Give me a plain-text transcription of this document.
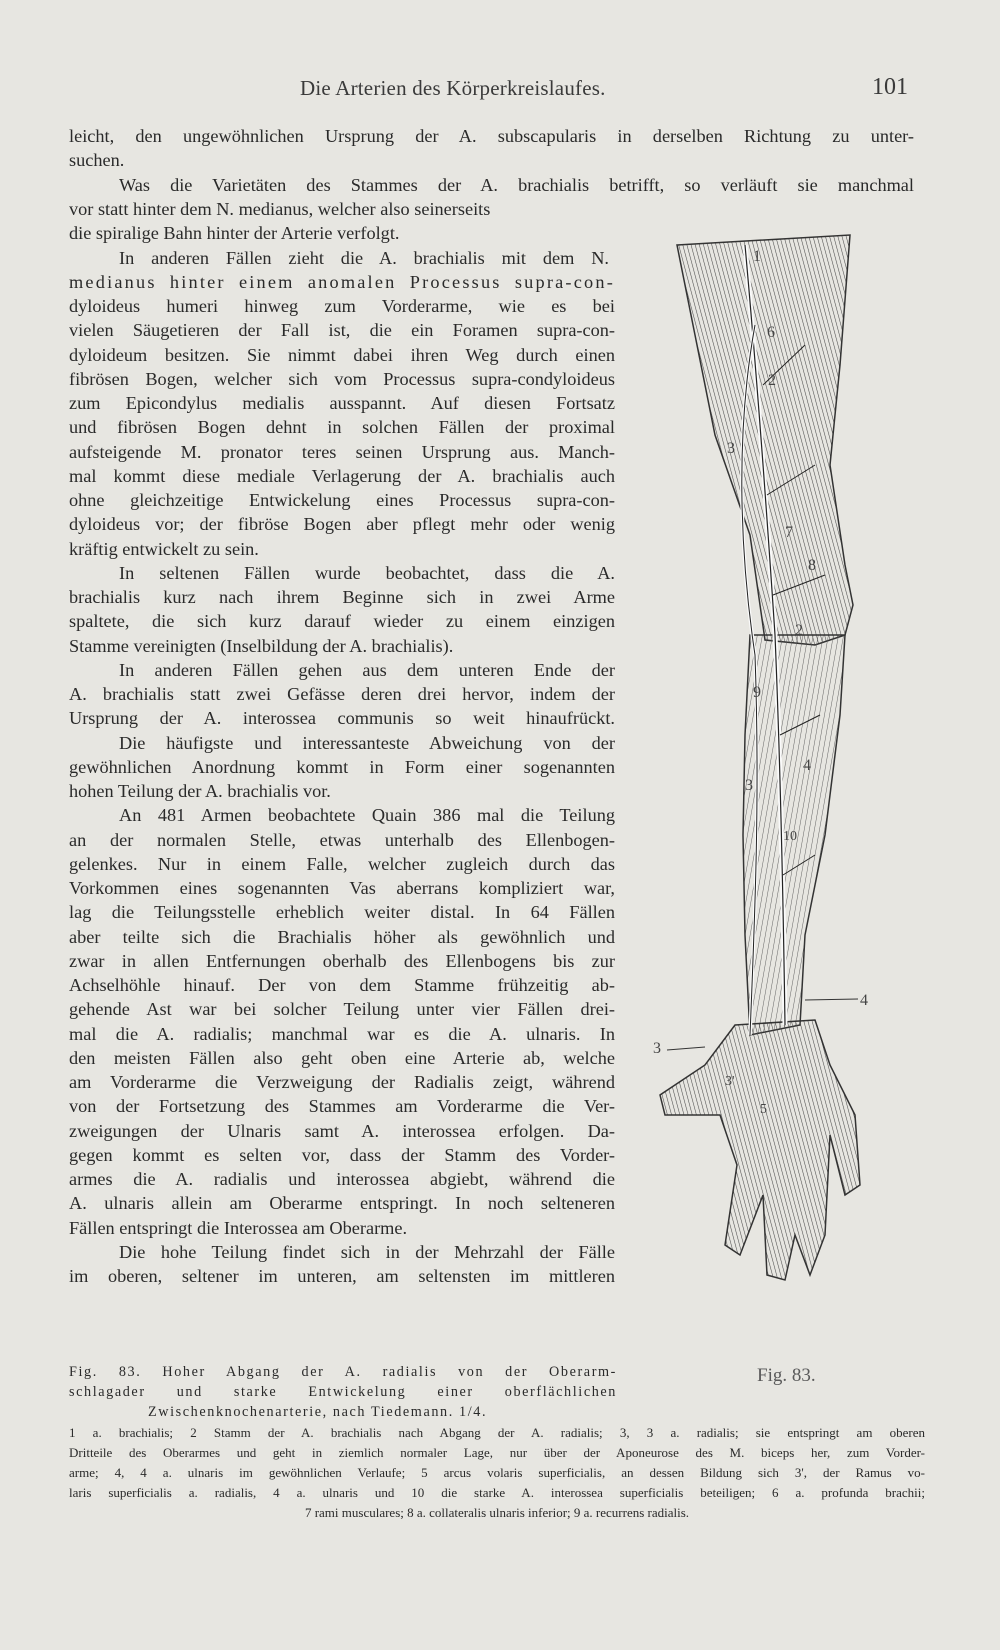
Die Arterien des Körperkreislaufes.	101
leicht, den ungewöhnlichen Ursprung der A. subscapularis in derselben Richtung zu unter-
suchen.
Was die Varietäten des Stammes der A. brachialis betrifft, so verläuft sie manchmal
vor statt hinter dem N. medianus, welcher also seinerseits
die spiralige Bahn hinter der Arterie verfolgt.
In anderen Fällen zieht die A. brachialis mit dem N.
medianus hinter einem anomalen Processus supra-con-
dyloideus humeri hinweg zum Vorderarme, wie es bei
vielen Säugetieren der Fall ist, die ein Foramen supra-con-
dyloideum besitzen. Sie nimmt dabei ihren Weg durch einen
fibrösen Bogen, welcher sich vom Processus supra-condyloideus
zum Epicondylus medialis ausspannt. Auf diesen Fortsatz
und fibrösen Bogen dehnt in solchen Fällen der proximal
aufsteigende M. pronator teres seinen Ursprung aus. Manch-
mal kommt diese mediale Verlagerung der A. brachialis auch
ohne gleichzeitige Entwickelung eines Processus supra-con-
dyloideus vor; der fibröse Bogen aber pflegt mehr oder wenig
kräftig entwickelt zu sein.
In seltenen Fällen wurde beobachtet, dass die A.
brachialis kurz nach ihrem Beginne sich in zwei Arme
spaltete, die sich kurz darauf wieder zu einem einzigen
Stamme vereinigten (Inselbildung der A. brachialis).
In anderen Fällen gehen aus dem unteren Ende der
A. brachialis statt zwei Gefässe deren drei hervor, indem der
Ursprung der A. interossea communis so weit hinaufrückt.
Die häufigste und interessanteste Abweichung von der
gewöhnlichen Anordnung kommt in Form einer sogenannten
hohen Teilung der A. brachialis vor.
An 481 Armen beobachtete Quain 386 mal die Teilung
an der normalen Stelle, etwas unterhalb des Ellenbogen-
gelenkes. Nur in einem Falle, welcher zugleich durch das
Vorkommen eines sogenannten Vas aberrans kompliziert war,
lag die Teilungsstelle erheblich weiter distal. In 64 Fällen
aber teilte sich die Brachialis höher als gewöhnlich und
zwar in allen Entfernungen oberhalb des Ellenbogens bis zur
Achselhöhle hinauf. Der von dem Stamme frühzeitig ab-
gehende Ast war bei solcher Teilung unter vier Fällen drei-
mal die A. radialis; manchmal war es die A. ulnaris. In
den meisten Fällen also geht oben eine Arterie ab, welche
am Vorderarme die Verzweigung der Radialis zeigt, während
von der Fortsetzung des Stammes am Vorderarme die Ver-
zweigungen der Ulnaris samt A. interossea erfolgen. Da-
gegen kommt es selten vor, dass der Stamm des Vorder-
armes die A. radialis und interossea abgiebt, während die
A. ulnaris allein am Oberarme entspringt. In noch selteneren
Fällen entspringt die Interossea am Oberarme.
Die hohe Teilung findet sich in der Mehrzahl der Fälle
im oberen, seltener im unteren, am seltensten im mittleren
1
6
2
3
7
8
2
9
3
4
10
4
3
3'
5
Fig. 83.
Fig. 83. Hoher Abgang der A. radialis von der Oberarm-
schlagader und starke Entwickelung einer oberflächlichen
Zwischenknochenarterie, nach Tiedemann. 1/4.
1 a. brachialis; 2 Stamm der A. brachialis nach Abgang der A. radialis; 3, 3 a. radialis; sie entspringt am oberen
Dritteile des Oberarmes und geht in ziemlich normaler Lage, nur über der Aponeurose des M. biceps her, zum Vorder-
arme; 4, 4 a. ulnaris im gewöhnlichen Verlaufe; 5 arcus volaris superficialis, an dessen Bildung sich 3', der Ramus vo-
laris superficialis a. radialis, 4 a. ulnaris und 10 die starke A. interossea superficialis beteiligen; 6 a. profunda brachii;
7 rami musculares; 8 a. collateralis ulnaris inferior; 9 a. recurrens radialis.
